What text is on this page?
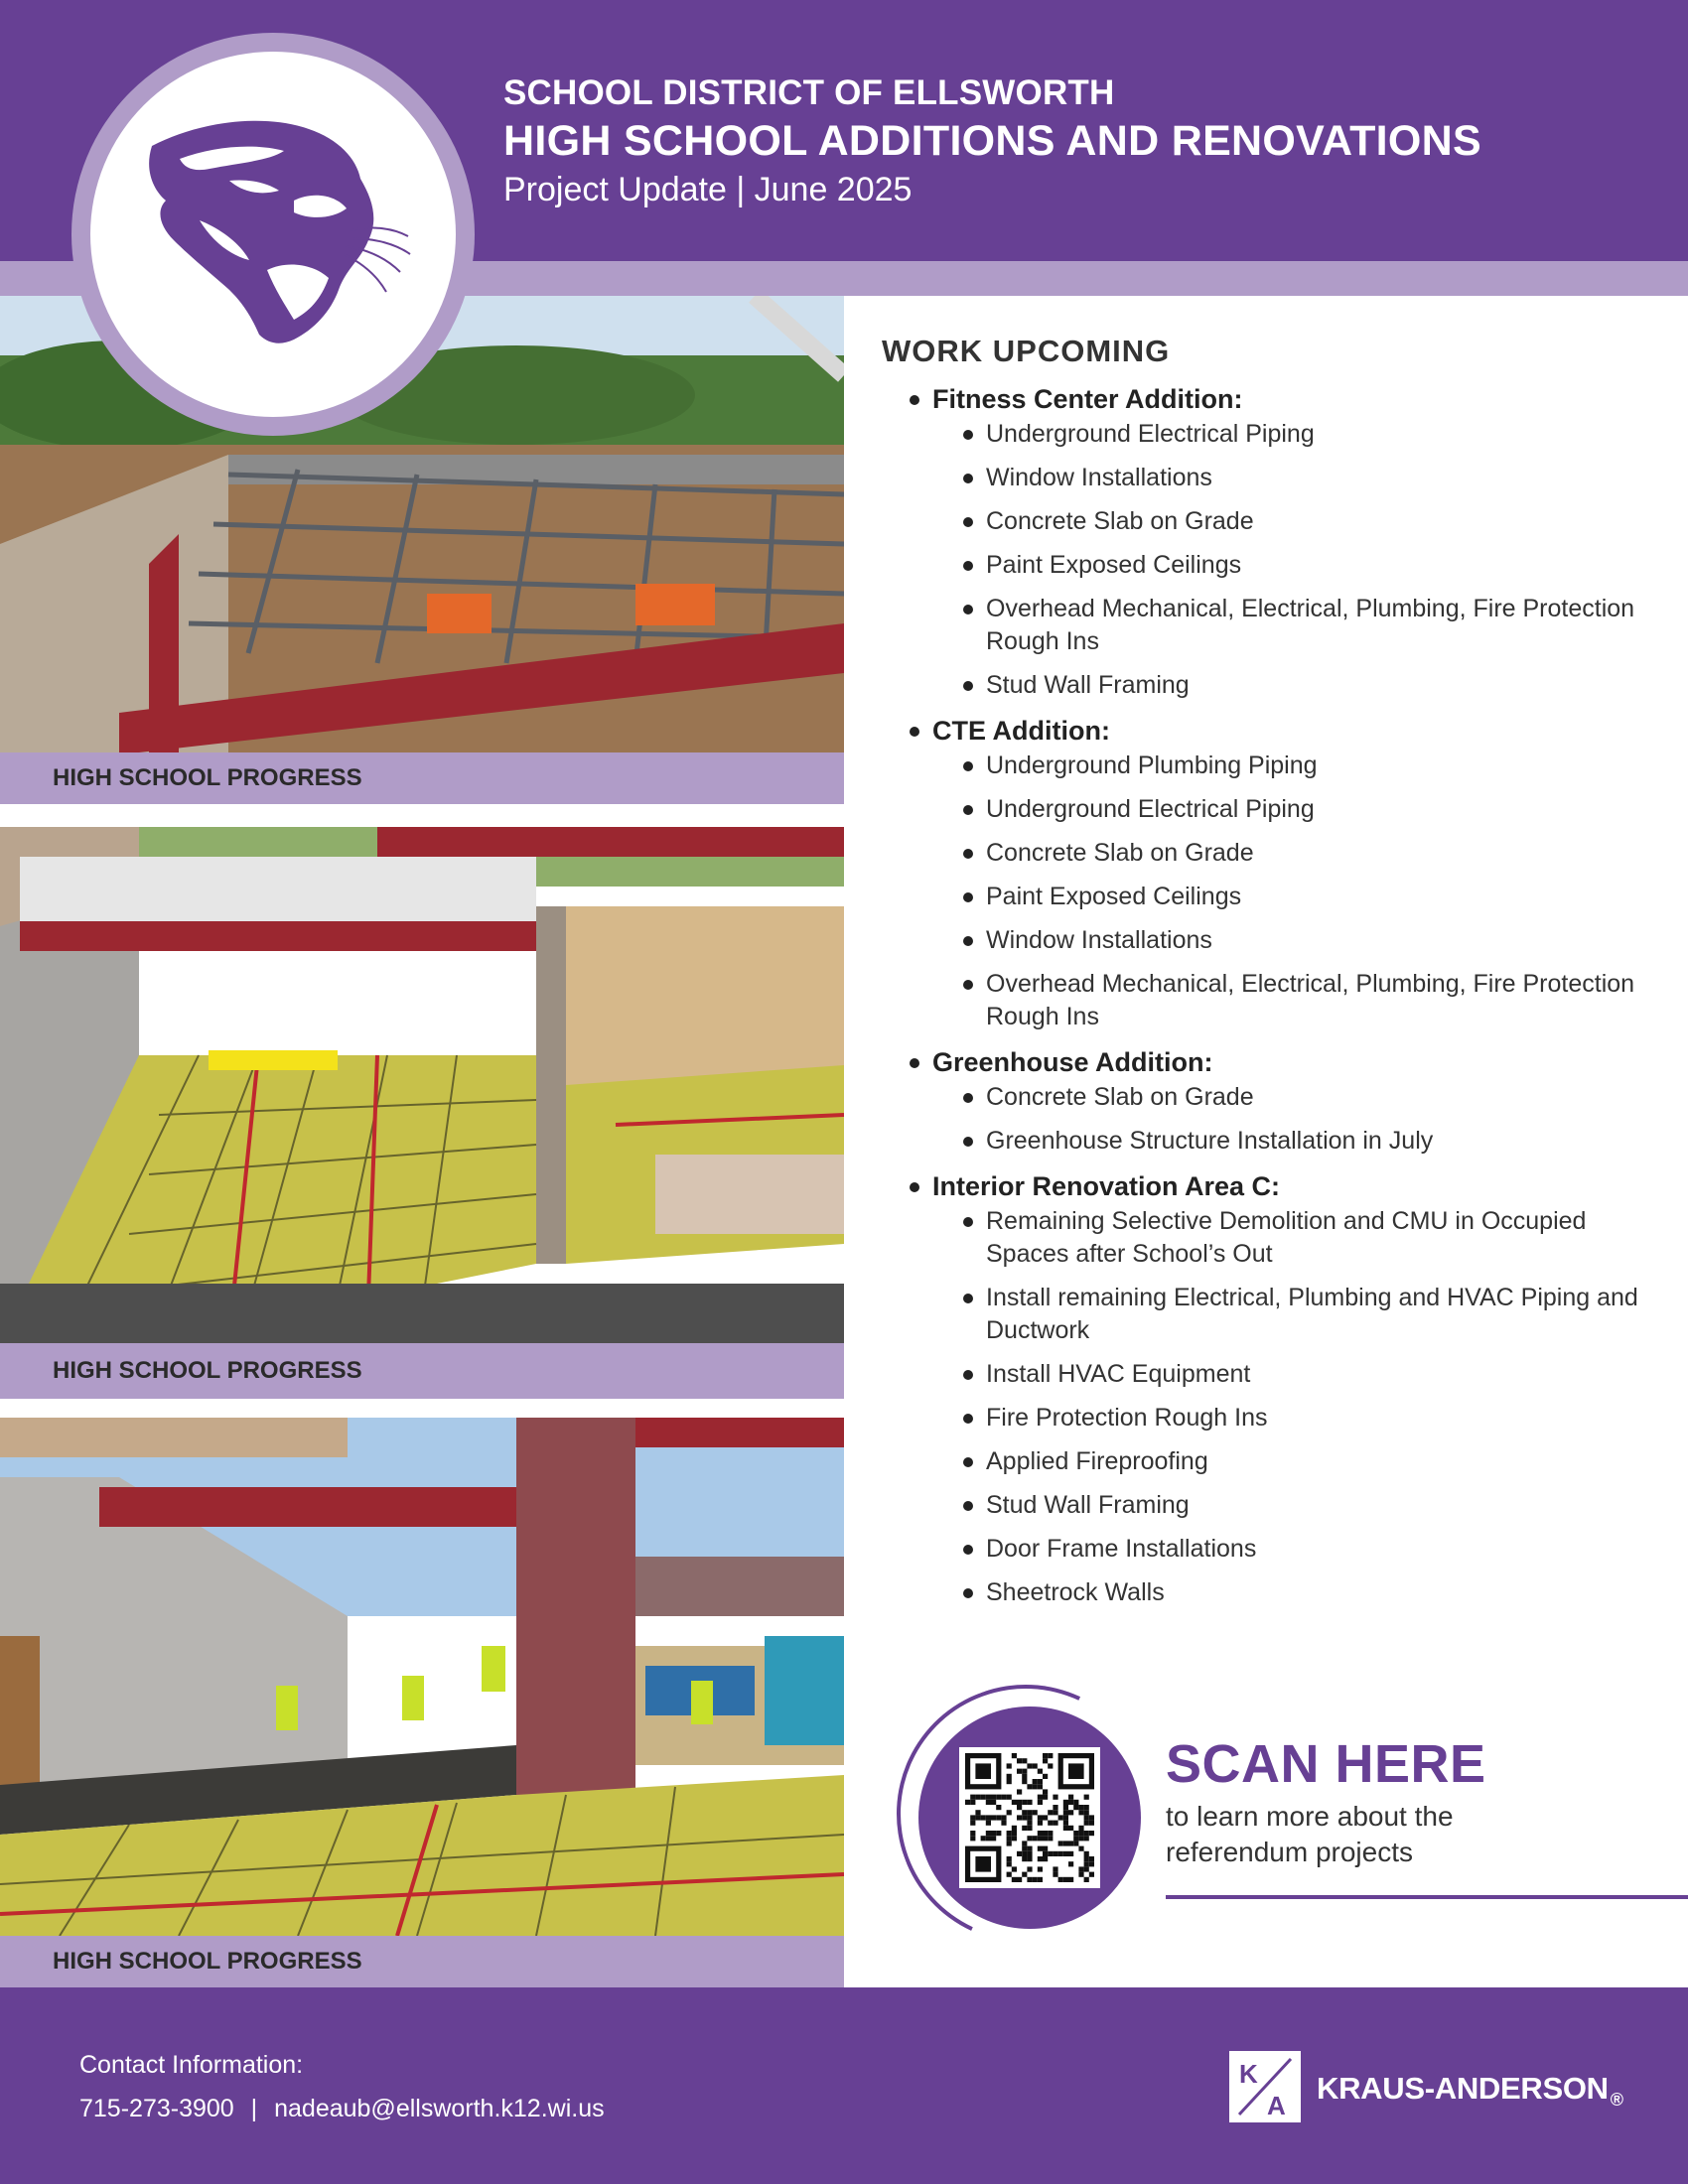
SCHOOL DISTRICT OF ELLSWORTH
HIGH SCHOOL ADDITIONS AND RENOVATIONS
Project Update | June 2025
HIGH SCHOOL PROGRESS
HIGH SCHOOL PROGRESS
HIGH SCHOOL PROGRESS
WORK UPCOMING
Fitness Center Addition:
Underground Electrical Piping
Window Installations
Concrete Slab on Grade
Paint Exposed Ceilings
Overhead Mechanical, Electrical, Plumbing, Fire Protection Rough Ins
Stud Wall Framing
CTE Addition:
Underground Plumbing Piping
Underground Electrical Piping
Concrete Slab on Grade
Paint Exposed Ceilings
Window Installations
Overhead Mechanical, Electrical, Plumbing, Fire Protection Rough Ins
Greenhouse Addition:
Concrete Slab on Grade
Greenhouse Structure Installation in July
Interior Renovation Area C:
Remaining Selective Demolition and CMU in Occupied Spaces after School’s Out
Install remaining Electrical, Plumbing and HVAC Piping and Ductwork
Install HVAC Equipment
Fire Protection Rough Ins
Applied Fireproofing
Stud Wall Framing
Door Frame Installations
Sheetrock Walls
SCAN HERE
to learn more about the
referendum projects
Contact Information:
715-273-3900 | nadeaub@ellsworth.k12.wi.us
K
A KRAUS-ANDERSON $_®$
